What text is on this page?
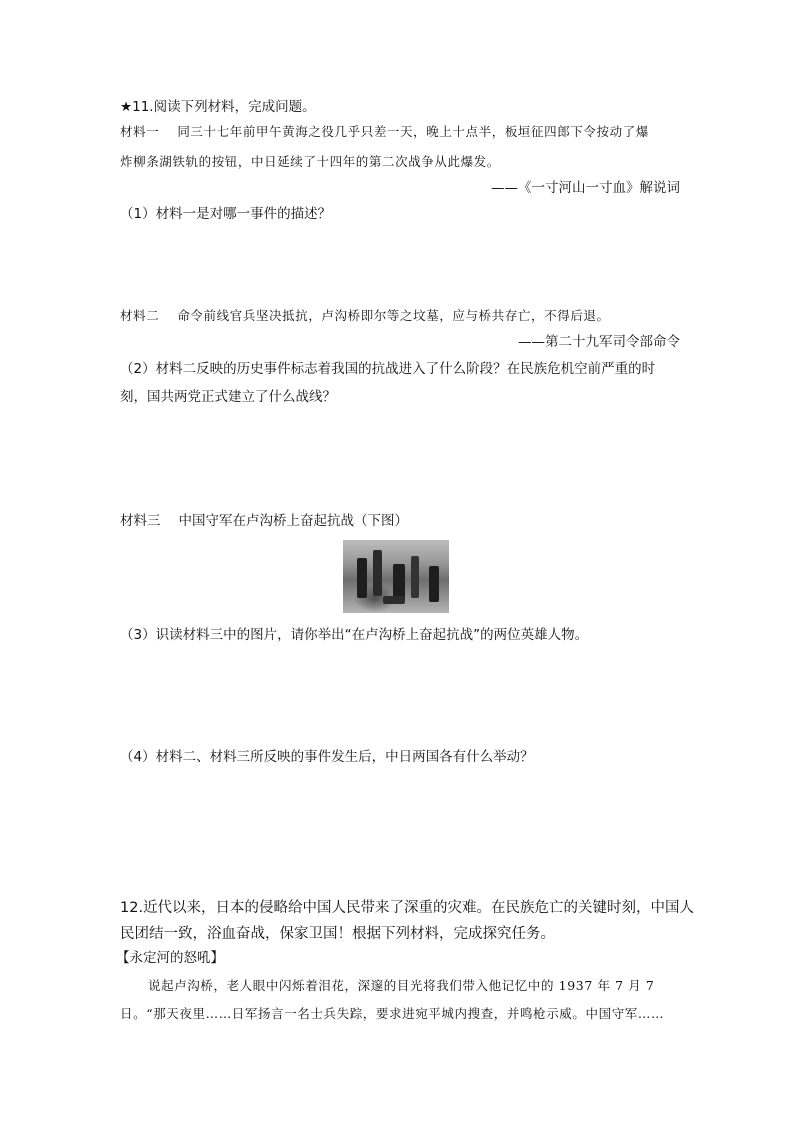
★11.阅读下列材料，完成问题。
材料一 同三十七年前甲午黄海之役几乎只差一天，晚上十点半，板垣征四郎下令按动了爆
炸柳条湖铁轨的按钮，中日延续了十四年的第二次战争从此爆发。
——《一寸河山一寸血》解说词
（1）材料一是对哪一事件的描述？
材料二 命令前线官兵坚决抵抗，卢沟桥即尔等之坟墓，应与桥共存亡，不得后退。
——第二十九军司令部命令
（2）材料二反映的历史事件标志着我国的抗战进入了什么阶段？在民族危机空前严重的时
刻，国共两党正式建立了什么战线？
材料三 中国守军在卢沟桥上奋起抗战（下图）
（3）识读材料三中的图片，请你举出“在卢沟桥上奋起抗战”的两位英雄人物。
（4）材料二、材料三所反映的事件发生后，中日两国各有什么举动？
12.近代以来，日本的侵略给中国人民带来了深重的灾难。在民族危亡的关键时刻，中国人
民团结一致，浴血奋战，保家卫国！根据下列材料，完成探究任务。
【永定河的怒吼】
说起卢沟桥，老人眼中闪烁着泪花，深邃的目光将我们带入他记忆中的 1937 年 7 月 7
日。“那天夜里……日军扬言一名士兵失踪，要求进宛平城内搜查，并鸣枪示威。中国守军……
